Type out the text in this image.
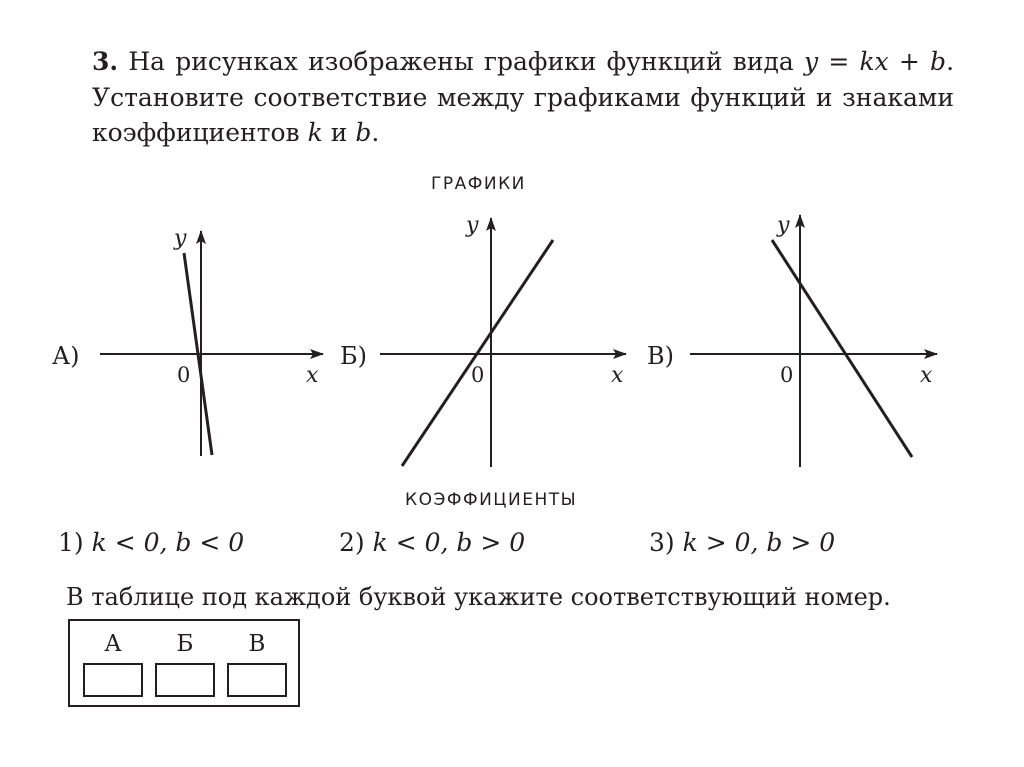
3. На рисунках изображены графики функций вида y = kx + b.
Установите соответствие между графиками функций и знаками
коэффициентов k и b.
ГРАФИКИ
А)
y
x
0
Б)
y
x
0
В)
y
x
0
КОЭФФИЦИЕНТЫ
1) k < 0, b < 0	2) k < 0, b > 0	3) k > 0, b > 0
В таблице под каждой буквой укажите соответствующий номер.
А	Б	В
